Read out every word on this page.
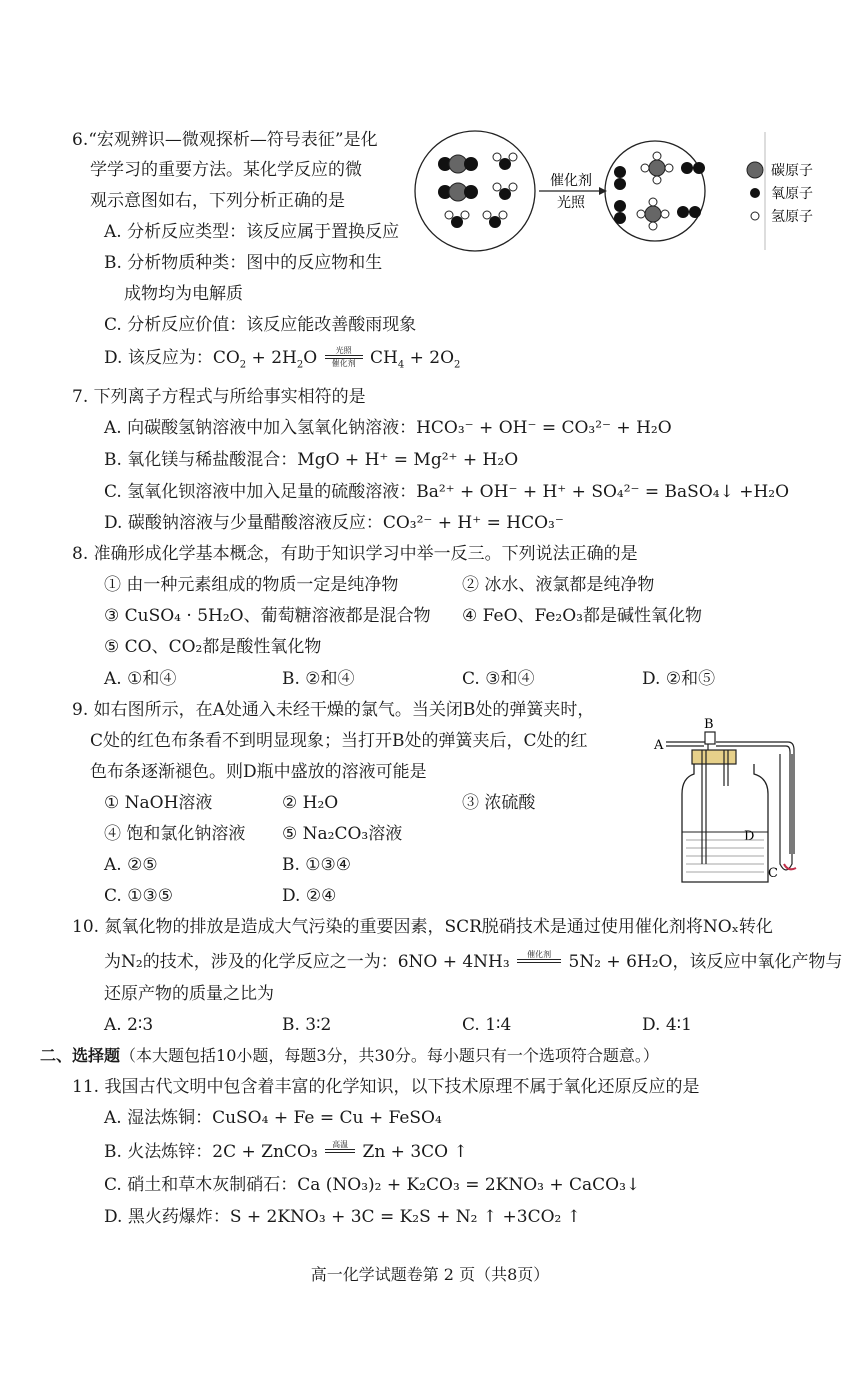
6.“宏观辨识—微观探析—符号表征”是化
学学习的重要方法。某化学反应的微
观示意图如右，下列分析正确的是
A. 分析反应类型：该反应属于置换反应
B. 分析物质种类：图中的反应物和生
成物均为电解质
C. 分析反应价值：该反应能改善酸雨现象
D. 该反应为：$CO_2 + 2H_2O$	光照
催化剂 $CH_4 + 2O_2$
催化剂
光照
碳原子
氧原子
氢原子
7. 下列离子方程式与所给事实相符的是
A. 向碳酸氢钠溶液中加入氢氧化钠溶液：HCO₃⁻ + OH⁻ = CO₃²⁻ + H₂O
B. 氧化镁与稀盐酸混合：MgO + H⁺ = Mg²⁺ + H₂O
C. 氢氧化钡溶液中加入足量的硫酸溶液：Ba²⁺ + OH⁻ + H⁺ + SO₄²⁻ = BaSO₄↓ +H₂O
D. 碳酸钠溶液与少量醋酸溶液反应：CO₃²⁻ + H⁺ = HCO₃⁻
8. 准确形成化学基本概念，有助于知识学习中举一反三。下列说法正确的是
① 由一种元素组成的物质一定是纯净物	② 冰水、液氯都是纯净物
③ CuSO₄ · 5H₂O、葡萄糖溶液都是混合物 ④ FeO、Fe₂O₃都是碱性氧化物
⑤ CO、CO₂都是酸性氧化物
A. ①和④	B. ②和④	C. ③和④	D. ②和⑤
9. 如右图所示，在A处通入未经干燥的氯气。当关闭B处的弹簧夹时，
C处的红色布条看不到明显现象；当打开B处的弹簧夹后，C处的红
色布条逐渐褪色。则D瓶中盛放的溶液可能是
① NaOH溶液	② H₂O	③ 浓硫酸
④ 饱和氯化钠溶液 ⑤ Na₂CO₃溶液
A. ②⑤	B. ①③④
C. ①③⑤	D. ②④
B
A
D
C
10. 氮氧化物的排放是造成大气污染的重要因素，SCR脱硝技术是通过使用催化剂将NOₓ转化
为N₂的技术，涉及的化学反应之一为：6NO + 4NH₃	催化剂
	5N₂ + 6H₂O，该反应中氧化产物与
还原产物的质量之比为
A. 2∶3	B. 3∶2	C. 1∶4	D. 4∶1
二、选择题（本大题包括10小题，每题3分，共30分。每小题只有一个选项符合题意。）
11. 我国古代文明中包含着丰富的化学知识，以下技术原理不属于氧化还原反应的是
A. 湿法炼铜：CuSO₄ + Fe = Cu + FeSO₄
B. 火法炼锌：2C + ZnCO₃	高温
Zn + 3CO ↑
C. 硝土和草木灰制硝石：Ca (NO₃)₂ + K₂CO₃ = 2KNO₃ + CaCO₃↓
D. 黑火药爆炸：S + 2KNO₃ + 3C = K₂S + N₂ ↑ +3CO₂ ↑
高一化学试题卷第 2 页（共8页）
